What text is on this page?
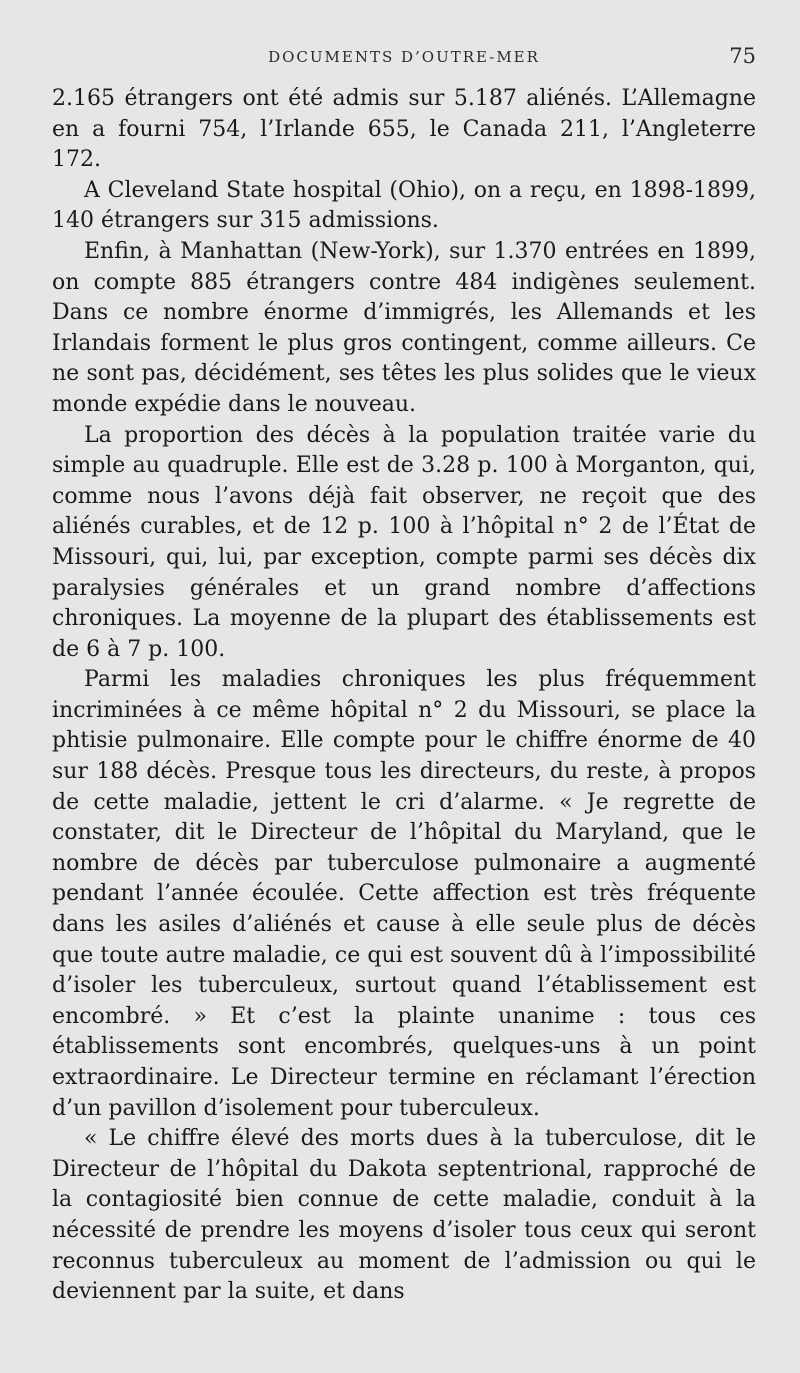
DOCUMENTS D’OUTRE-MER	75

2.165 étrangers ont été admis sur 5.187 aliénés. L’Allemagne en a fourni 754, l’Irlande 655, le Canada 211, l’Angleterre 172.

A Cleveland State hospital (Ohio), on a reçu, en 1898-1899, 140 étrangers sur 315 admissions.

Enfin, à Manhattan (New-York), sur 1.370 entrées en 1899, on compte 885 étrangers contre 484 indigènes seulement. Dans ce nombre énorme d’immigrés, les Allemands et les Irlandais forment le plus gros contingent, comme ailleurs. Ce ne sont pas, décidément, ses têtes les plus solides que le vieux monde expédie dans le nouveau.

La proportion des décès à la population traitée varie du simple au quadruple. Elle est de 3.28 p. 100 à Morganton, qui, comme nous l’avons déjà fait observer, ne reçoit que des aliénés curables, et de 12 p. 100 à l’hôpital n° 2 de l’État de Missouri, qui, lui, par exception, compte parmi ses décès dix paralysies générales et un grand nombre d’affections chroniques. La moyenne de la plupart des établissements est de 6 à 7 p. 100.

Parmi les maladies chroniques les plus fréquemment incriminées à ce même hôpital n° 2 du Missouri, se place la phtisie pulmonaire. Elle compte pour le chiffre énorme de 40 sur 188 décès. Presque tous les directeurs, du reste, à propos de cette maladie, jettent le cri d’alarme. « Je regrette de constater, dit le Directeur de l’hôpital du Maryland, que le nombre de décès par tuberculose pulmonaire a augmenté pendant l’année écoulée. Cette affection est très fréquente dans les asiles d’aliénés et cause à elle seule plus de décès que toute autre maladie, ce qui est souvent dû à l’impossibilité d’isoler les tuberculeux, surtout quand l’établissement est encombré. » Et c’est la plainte unanime : tous ces établissements sont encombrés, quelques-uns à un point extraordinaire. Le Directeur termine en réclamant l’érection d’un pavillon d’isolement pour tuberculeux.

« Le chiffre élevé des morts dues à la tuberculose, dit le Directeur de l’hôpital du Dakota septentrional, rapproché de la contagiosité bien connue de cette maladie, conduit à la nécessité de prendre les moyens d’isoler tous ceux qui seront reconnus tuberculeux au moment de l’admission ou qui le deviennent par la suite, et dans
